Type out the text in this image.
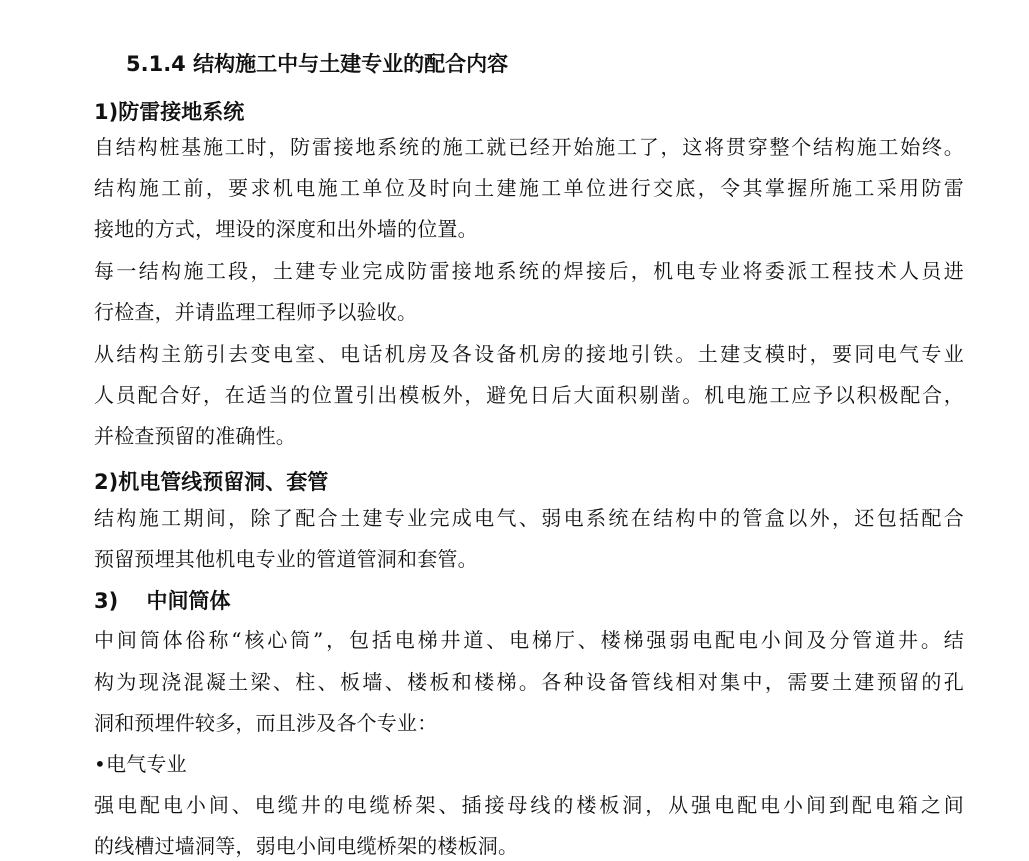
5.1.4 结构施工中与土建专业的配合内容
1)防雷接地系统
自结构桩基施工时，防雷接地系统的施工就已经开始施工了，这将贯穿整个结构施工始终。
结构施工前，要求机电施工单位及时向土建施工单位进行交底，令其掌握所施工采用防雷
接地的方式，埋设的深度和出外墙的位置。
每一结构施工段，土建专业完成防雷接地系统的焊接后，机电专业将委派工程技术人员进
行检查，并请监理工程师予以验收。
从结构主筋引去变电室、电话机房及各设备机房的接地引铁。土建支模时，要同电气专业
人员配合好，在适当的位置引出模板外，避免日后大面积剔凿。机电施工应予以积极配合，
并检查预留的准确性。
2)机电管线预留洞、套管
结构施工期间，除了配合土建专业完成电气、弱电系统在结构中的管盒以外，还包括配合
预留预埋其他机电专业的管道管洞和套管。
3)  中间筒体
中间筒体俗称“核心筒”，包括电梯井道、电梯厅、楼梯强弱电配电小间及分管道井。结
构为现浇混凝土梁、柱、板墙、楼板和楼梯。各种设备管线相对集中，需要土建预留的孔
洞和预埋件较多，而且涉及各个专业：
•电气专业
强电配电小间、电缆井的电缆桥架、插接母线的楼板洞，从强电配电小间到配电箱之间
的线槽过墙洞等，弱电小间电缆桥架的楼板洞。
